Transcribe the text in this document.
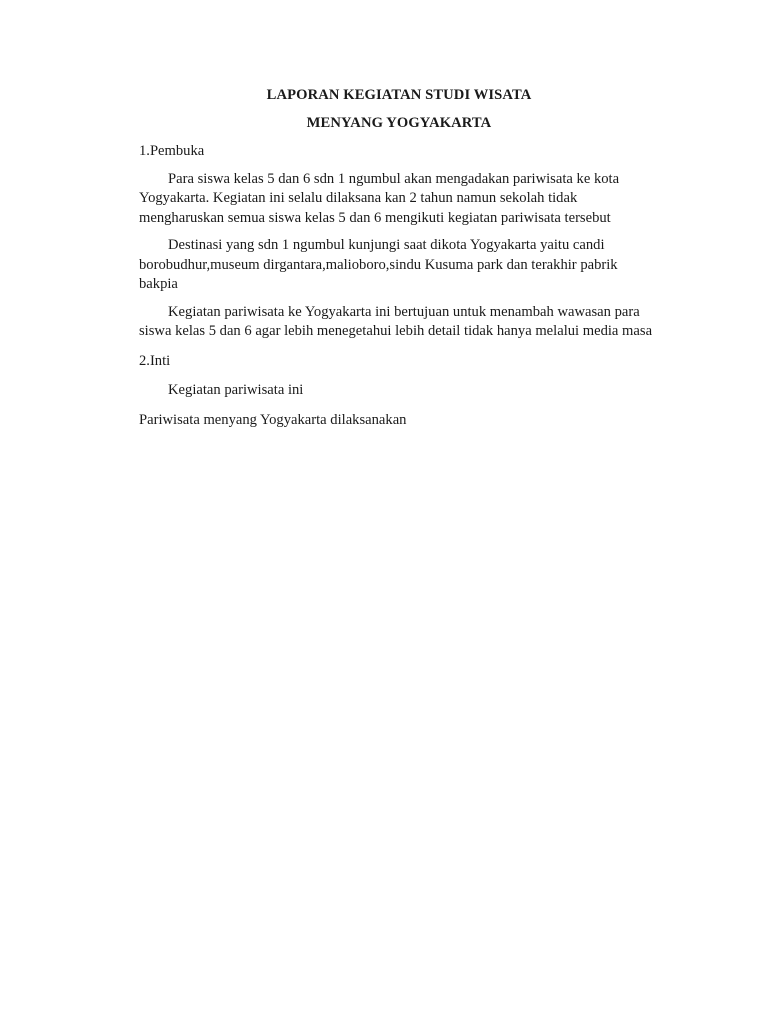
LAPORAN KEGIATAN STUDI WISATA

MENYANG YOGYAKARTA

1.Pembuka

Para siswa kelas 5 dan 6 sdn 1 ngumbul akan mengadakan pariwisata ke kota Yogyakarta. Kegiatan ini selalu dilaksana kan 2 tahun namun sekolah tidak mengharuskan semua siswa kelas 5 dan 6 mengikuti kegiatan pariwisata tersebut

Destinasi yang sdn 1 ngumbul kunjungi saat dikota Yogyakarta yaitu candi borobudhur,museum dirgantara,malioboro,sindu Kusuma park dan terakhir pabrik bakpia

Kegiatan pariwisata ke Yogyakarta ini bertujuan untuk menambah wawasan para siswa kelas 5 dan 6 agar lebih menegetahui lebih detail tidak hanya melalui media masa

2.Inti

Kegiatan pariwisata ini

Pariwisata menyang Yogyakarta dilaksanakan
